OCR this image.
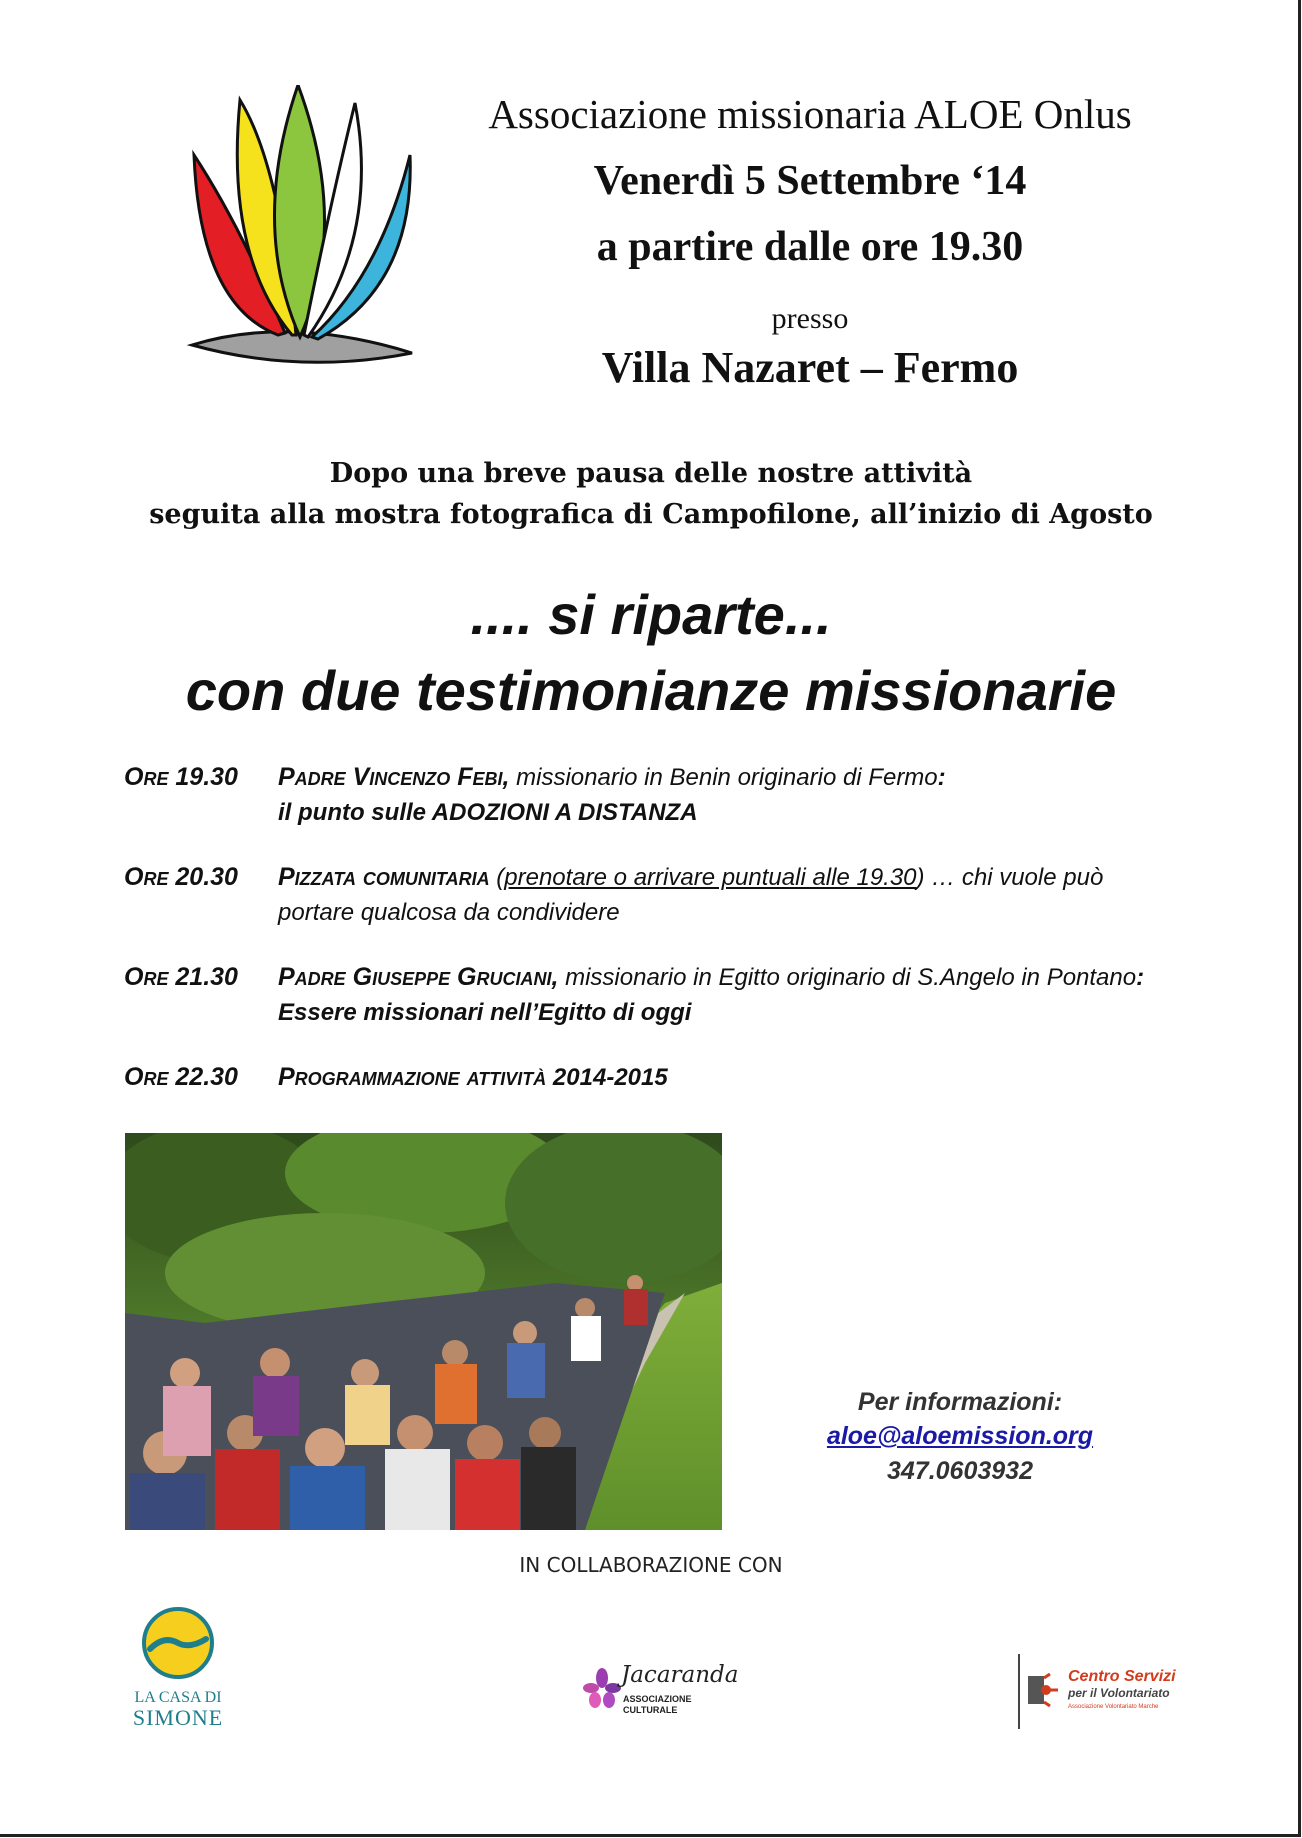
Associazione missionaria ALOE Onlus
Venerdì 5 Settembre ‘14
a partire dalle ore 19.30
presso
Villa Nazaret – Fermo
Dopo una breve pausa delle nostre attività
seguita alla mostra fotografica di Campofilone, all’inizio di Agosto
.... si riparte...
con due testimonianze missionarie
Ore 19.30 Padre Vincenzo Febi, missionario in Benin originario di Fermo:
il punto sulle ADOZIONI A DISTANZA
Ore 20.30 Pizzata comunitaria (prenotare o arrivare puntuali alle 19.30) … chi vuole può portare qualcosa da condividere
Ore 21.30 Padre Giuseppe Gruciani, missionario in Egitto originario di S.Angelo in Pontano: Essere missionari nell’Egitto di oggi
Ore 22.30 Programmazione attività 2014-2015
Per informazioni:
aloe@aloemission.org
347.0603932
IN COLLABORAZIONE CON
LA CASA DI
SIMONE
Jacaranda
ASSOCIAZIONE
CULTURALE
Centro Servizi
per il Volontariato
Associazione Volontariato Marche
